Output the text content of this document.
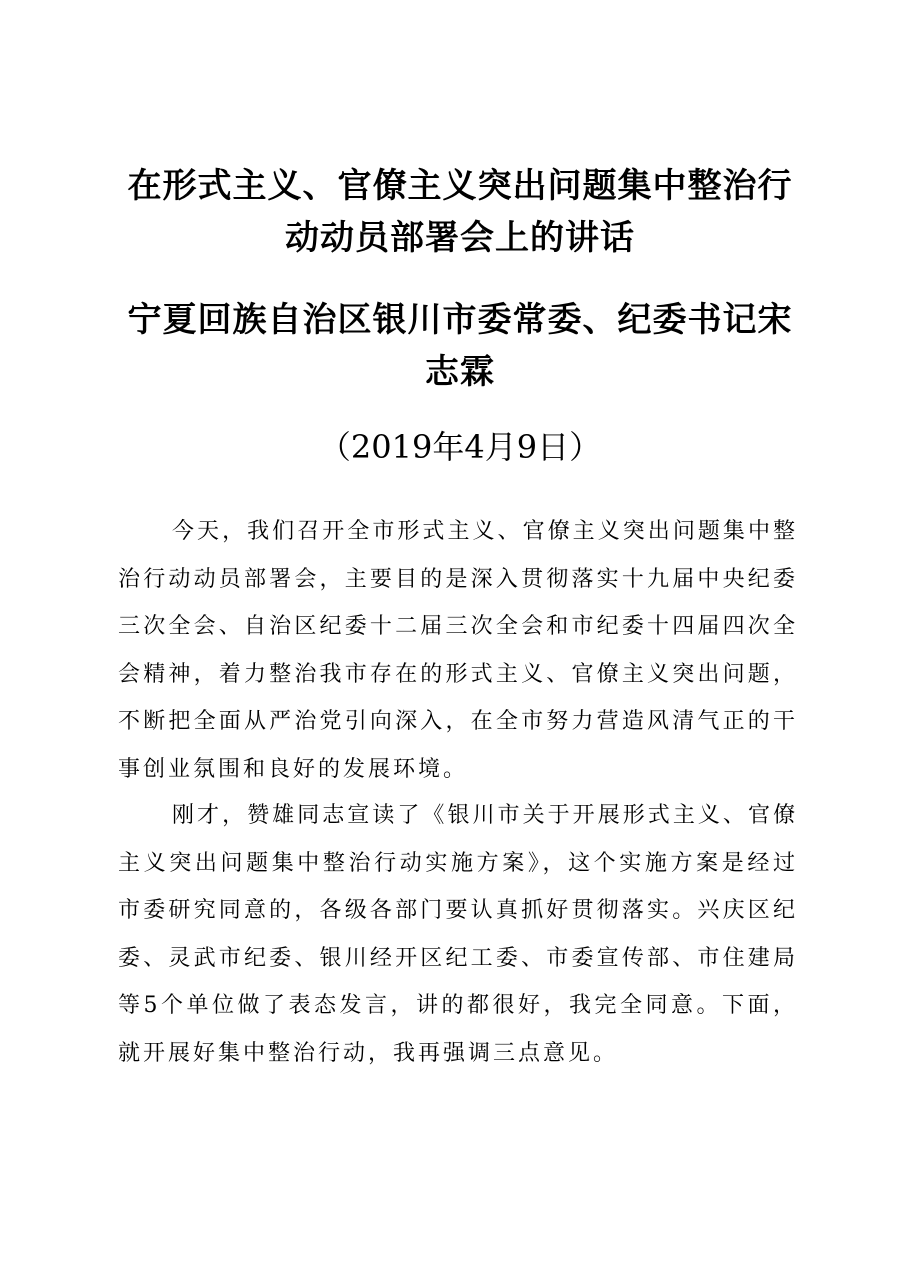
在形式主义、官僚主义突出问题集中整治行动动员部署会上的讲话
宁夏回族自治区银川市委常委、纪委书记宋志霖

（2019年4月9日）

今天，我们召开全市形式主义、官僚主义突出问题集中整治行动动员部署会，主要目的是深入贯彻落实十九届中央纪委三次全会、自治区纪委十二届三次全会和市纪委十四届四次全会精神，着力整治我市存在的形式主义、官僚主义突出问题，不断把全面从严治党引向深入，在全市努力营造风清气正的干事创业氛围和良好的发展环境。

刚才，赞雄同志宣读了《银川市关于开展形式主义、官僚主义突出问题集中整治行动实施方案》，这个实施方案是经过市委研究同意的，各级各部门要认真抓好贯彻落实。兴庆区纪委、灵武市纪委、银川经开区纪工委、市委宣传部、市住建局等5个单位做了表态发言，讲的都很好，我完全同意。下面，就开展好集中整治行动，我再强调三点意见。
